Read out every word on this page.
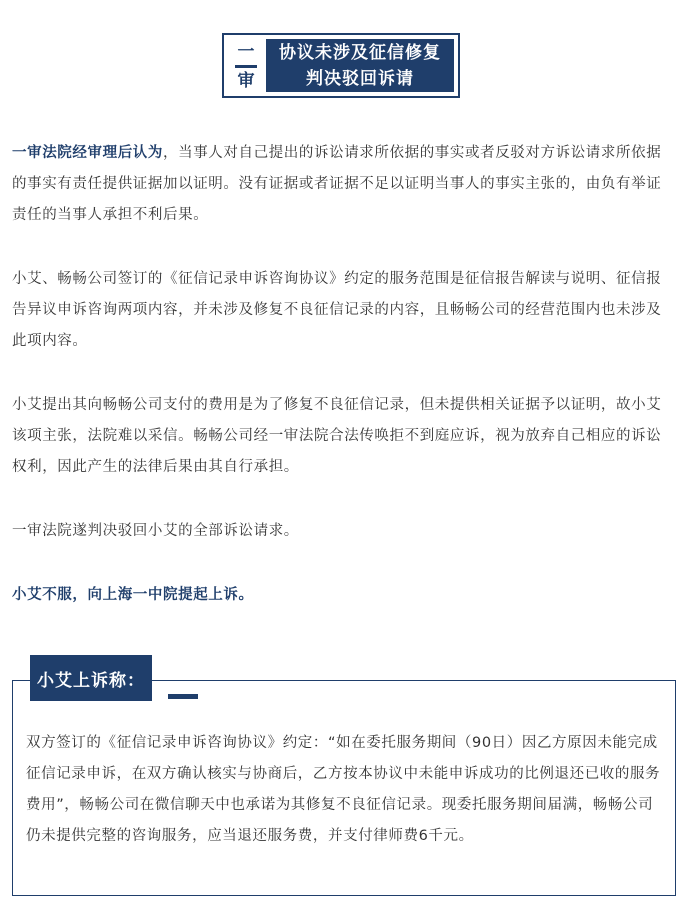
一
审
协议未涉及征信修复
判决驳回诉请

一审法院经审理后认为，当事人对自己提出的诉讼请求所依据的事实或者反驳对方诉讼请求所依据的事实有责任提供证据加以证明。没有证据或者证据不足以证明当事人的事实主张的，由负有举证责任的当事人承担不利后果。

小艾、畅畅公司签订的《征信记录申诉咨询协议》约定的服务范围是征信报告解读与说明、征信报告异议申诉咨询两项内容，并未涉及修复不良征信记录的内容，且畅畅公司的经营范围内也未涉及此项内容。

小艾提出其向畅畅公司支付的费用是为了修复不良征信记录，但未提供相关证据予以证明，故小艾该项主张，法院难以采信。畅畅公司经一审法院合法传唤拒不到庭应诉，视为放弃自己相应的诉讼权利，因此产生的法律后果由其自行承担。

一审法院遂判决驳回小艾的全部诉讼请求。

小艾不服，向上海一中院提起上诉。

小艾上诉称：
双方签订的《征信记录申诉咨询协议》约定：“如在委托服务期间（90日）因乙方原因未能完成征信记录申诉，在双方确认核实与协商后，乙方按本协议中未能申诉成功的比例退还已收的服务费用”，畅畅公司在微信聊天中也承诺为其修复不良征信记录。现委托服务期间届满，畅畅公司仍未提供完整的咨询服务，应当退还服务费，并支付律师费6千元。
